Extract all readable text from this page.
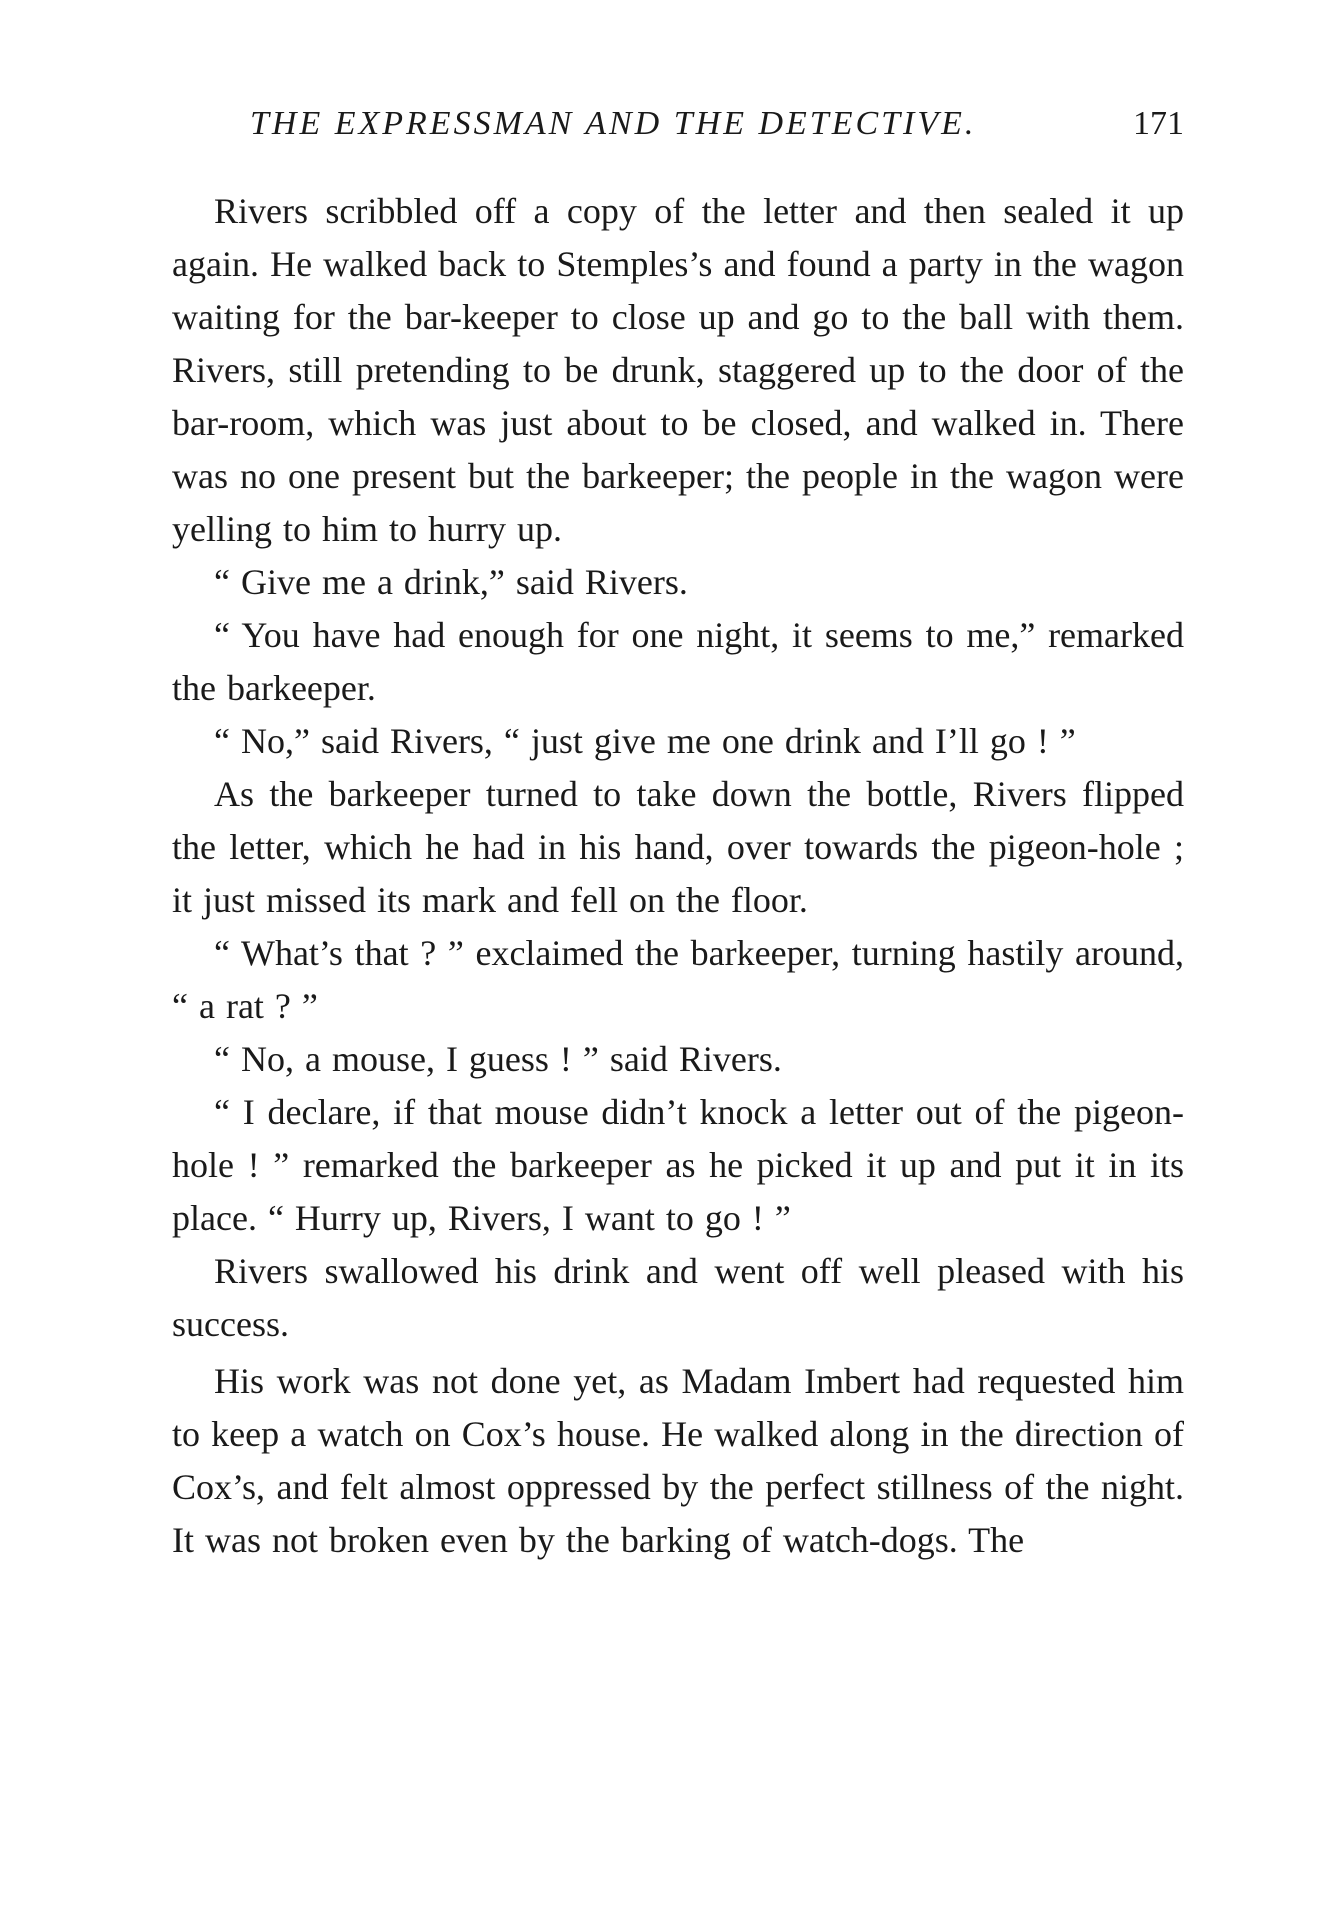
THE EXPRESSMAN AND THE DETECTIVE.	171

Rivers scribbled off a copy of the letter and then sealed it up again. He walked back to Stemples’s and found a party in the wagon waiting for the bar-keeper to close up and go to the ball with them. Rivers, still pretending to be drunk, staggered up to the door of the bar-room, which was just about to be closed, and walked in. There was no one present but the barkeeper; the people in the wagon were yelling to him to hurry up.

“ Give me a drink,” said Rivers.

“ You have had enough for one night, it seems to me,” remarked the barkeeper.

“ No,” said Rivers, “ just give me one drink and I’ll go ! ”

As the barkeeper turned to take down the bottle, Rivers flipped the letter, which he had in his hand, over towards the pigeon-hole ; it just missed its mark and fell on the floor.

“ What’s that ? ” exclaimed the barkeeper, turning hastily around, “ a rat ? ”

“ No, a mouse, I guess ! ” said Rivers.

“ I declare, if that mouse didn’t knock a letter out of the pigeon-hole ! ” remarked the barkeeper as he picked it up and put it in its place. “ Hurry up, Rivers, I want to go ! ”

Rivers swallowed his drink and went off well pleased with his success.

His work was not done yet, as Madam Imbert had requested him to keep a watch on Cox’s house. He walked along in the direction of Cox’s, and felt almost oppressed by the perfect stillness of the night. It was not broken even by the barking of watch-dogs. The
